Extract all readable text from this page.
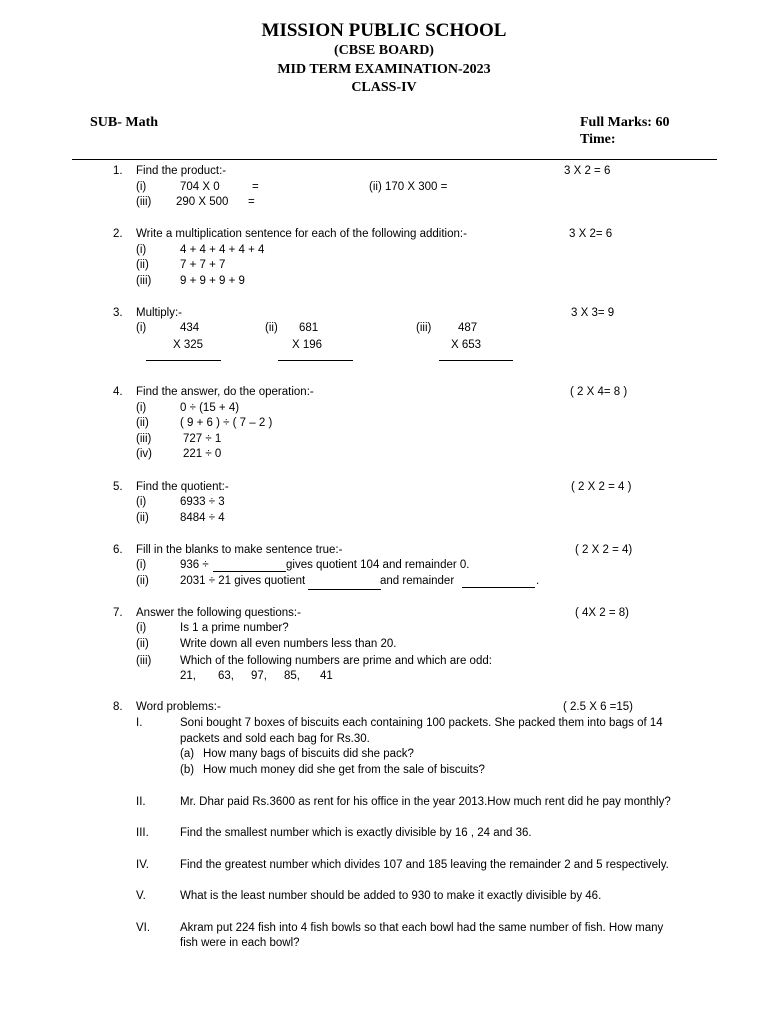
MISSION PUBLIC SCHOOL
(CBSE BOARD)
MID TERM EXAMINATION-2023
CLASS-IV
SUB- Math	Full Marks: 60
Time:
1. Find the product:-	3 X 2 = 6
(i)	704 X 0	=	(ii) 170 X 300 =
(iii) 290 X 500 =
2. Write a multiplication sentence for each of the following addition:-	3 X 2= 6
(i)	4 + 4 + 4 + 4 + 4
(ii)	7 + 7 + 7
(iii) 9 + 9 + 9 + 9
3. Multiply:-	3 X 3= 9
(i)	434
X 325
(ii) 681
X 196
(iii) 487
X 653
4. Find the answer, do the operation:-	( 2 X 4= 8 )
(i)	0 ÷ (15 + 4)
(ii)	( 9 + 6 ) ÷ ( 7 – 2 )
(iii)	727 ÷ 1
(iv)	221 ÷ 0
5. Find the quotient:-	( 2 X 2 = 4 )
(i)	6933 ÷ 3
(ii)	8484 ÷ 4
6. Fill in the blanks to make sentence true:-	( 2 X 2 = 4)
(i)	936 ÷	gives quotient 104 and remainder 0.
(ii)	2031 ÷ 21 gives quotient	and remainder	.
7. Answer the following questions:-	( 4X 2 = 8)
(i)	Is 1 a prime number?
(ii)	Write down all even numbers less than 20.
(iii) Which of the following numbers are prime and which are odd:
21, 63, 97, 85, 41
8. Word problems:-	( 2.5 X 6 =15)
I.	Soni bought 7 boxes of biscuits each containing 100 packets. She packed them into bags of 14
packets and sold each bag for Rs.30.
(a) How many bags of biscuits did she pack?
(b) How much money did she get from the sale of biscuits?
II.	Mr. Dhar paid Rs.3600 as rent for his office in the year 2013.How much rent did he pay monthly?
III.	Find the smallest number which is exactly divisible by 16 , 24 and 36.
IV.	Find the greatest number which divides 107 and 185 leaving the remainder 2 and 5 respectively.
V.	What is the least number should be added to 930 to make it exactly divisible by 46.
VI.	Akram put 224 fish into 4 fish bowls so that each bowl had the same number of fish. How many
fish were in each bowl?
